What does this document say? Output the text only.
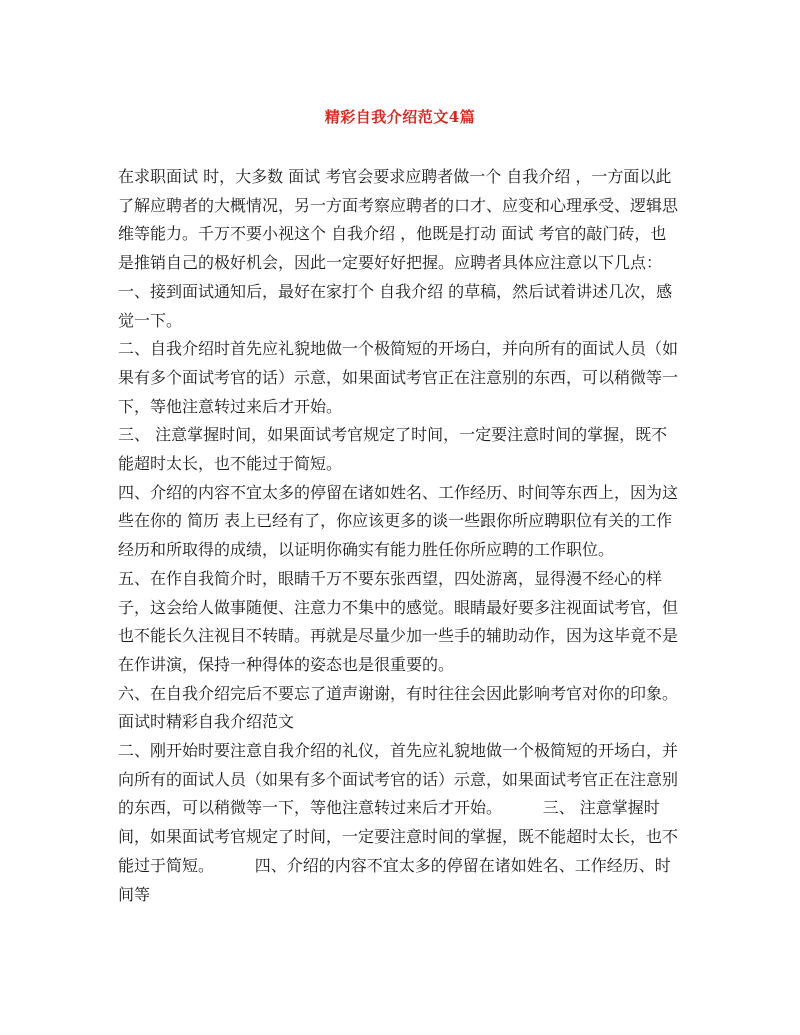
精彩自我介绍范文4篇

在求职面试 时，大多数 面试 考官会要求应聘者做一个 自我介绍 ，一方面以此了解应聘者的大概情况，另一方面考察应聘者的口才、应变和心理承受、逻辑思维等能力。千万不要小视这个 自我介绍 ，他既是打动 面试 考官的敲门砖，也是推销自己的极好机会，因此一定要好好把握。应聘者具体应注意以下几点：

一、接到面试通知后，最好在家打个 自我介绍 的草稿，然后试着讲述几次，感觉一下。

二、自我介绍时首先应礼貌地做一个极简短的开场白，并向所有的面试人员（如果有多个面试考官的话）示意，如果面试考官正在注意别的东西，可以稍微等一下，等他注意转过来后才开始。

三、 注意掌握时间，如果面试考官规定了时间，一定要注意时间的掌握，既不能超时太长，也不能过于简短。

四、介绍的内容不宜太多的停留在诸如姓名、工作经历、时间等东西上，因为这些在你的 简历 表上已经有了，你应该更多的谈一些跟你所应聘职位有关的工作经历和所取得的成绩，以证明你确实有能力胜任你所应聘的工作职位。

五、在作自我简介时，眼睛千万不要东张西望，四处游离，显得漫不经心的样子，这会给人做事随便、注意力不集中的感觉。眼睛最好要多注视面试考官，但也不能长久注视目不转睛。再就是尽量少加一些手的辅助动作，因为这毕竟不是在作讲演，保持一种得体的姿态也是很重要的。

六、在自我介绍完后不要忘了道声谢谢，有时往往会因此影响考官对你的印象。

面试时精彩自我介绍范文

二、刚开始时要注意自我介绍的礼仪，首先应礼貌地做一个极简短的开场白，并向所有的面试人员（如果有多个面试考官的话）示意，如果面试考官正在注意别的东西，可以稍微等一下，等他注意转过来后才开始。        三、 注意掌握时间，如果面试考官规定了时间，一定要注意时间的掌握，既不能超时太长，也不能过于简短。        四、介绍的内容不宜太多的停留在诸如姓名、工作经历、时间等
